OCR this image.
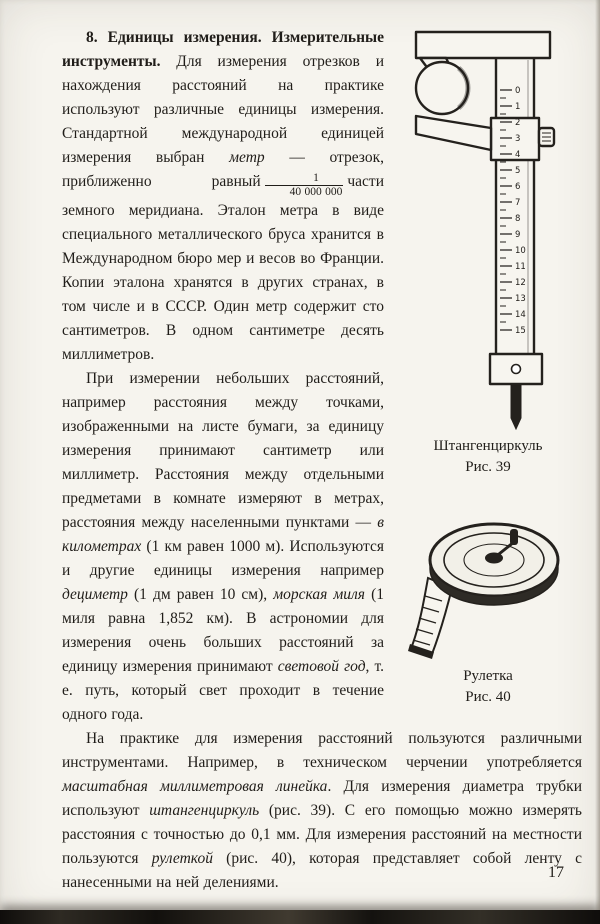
0
1
2
3
4
5
6
7
8
9
10
11
12
13
14
15
Штангенциркуль
Рис. 39
Рулетка
Рис. 40

8. Единицы измерения. Измерительные инструменты. Для измерения отрезков и нахождения расстояний на практике используют различные единицы измерения. Стандартной международной единицей измерения выбран метр — отрезок, приближенно равный $\frac{1}{40 000 000}$ части земного меридиана. Эталон метра в виде специального металлического бруса хранится в Международном бюро мер и весов во Франции. Копии эталона хранятся в других странах, в том числе и в СССР. Один метр содержит сто сантиметров. В одном сантиметре десять миллиметров.

При измерении небольших расстояний, например расстояния между точками, изображенными на листе бумаги, за единицу измерения принимают сантиметр или миллиметр. Расстояния между отдельными предметами в комнате измеряют в метрах, расстояния между населенными пунктами — в километрах (1 км равен 1000 м). Используются и другие единицы измерения например дециметр (1 дм равен 10 см), морская миля (1 миля равна 1,852 км). В астрономии для измерения очень больших расстояний за единицу измерения принимают световой год, т. е. путь, который свет проходит в течение одного года.

На практике для измерения расстояний пользуются различными инструментами. Например, в техническом черчении употребляется масштабная миллиметровая линейка. Для измерения диаметра трубки используют штангенциркуль (рис. 39). С его помощью можно измерять расстояния с точностью до 0,1 мм. Для измерения расстояний на местности пользуются рулеткой (рис. 40), которая представляет собой ленту с нанесенными на ней делениями.

17
